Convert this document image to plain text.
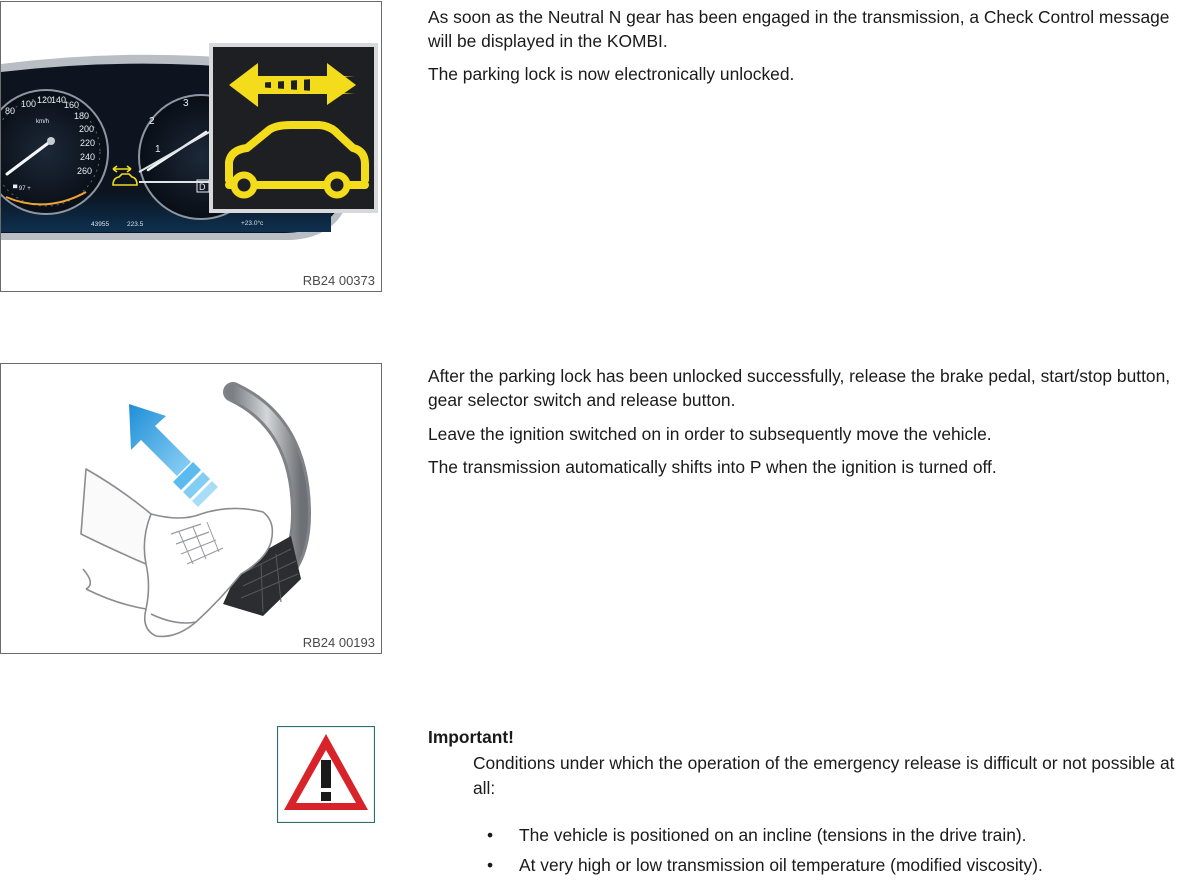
100 120
140
160
180
200
220
240
260
80
km/h
▀ 97 +
2
3
1
D
43955	223.5	+23.0°c
RB24 00373

As soon as the Neutral N gear has been engaged in the transmission, a Check Control message will be displayed in the KOMBI.

The parking lock is now electronically unlocked.

RB24 00193

After the parking lock has been unlocked successfully, release the brake pedal, start/stop button, gear selector switch and release button.

Leave the ignition switched on in order to subsequently move the vehicle.

The transmission automatically shifts into P when the ignition is turned off.

Important!

Conditions under which the operation of the emergency release is difficult or not possible at all:

• The vehicle is positioned on an incline (tensions in the drive train).
• At very high or low transmission oil temperature (modified viscosity).
